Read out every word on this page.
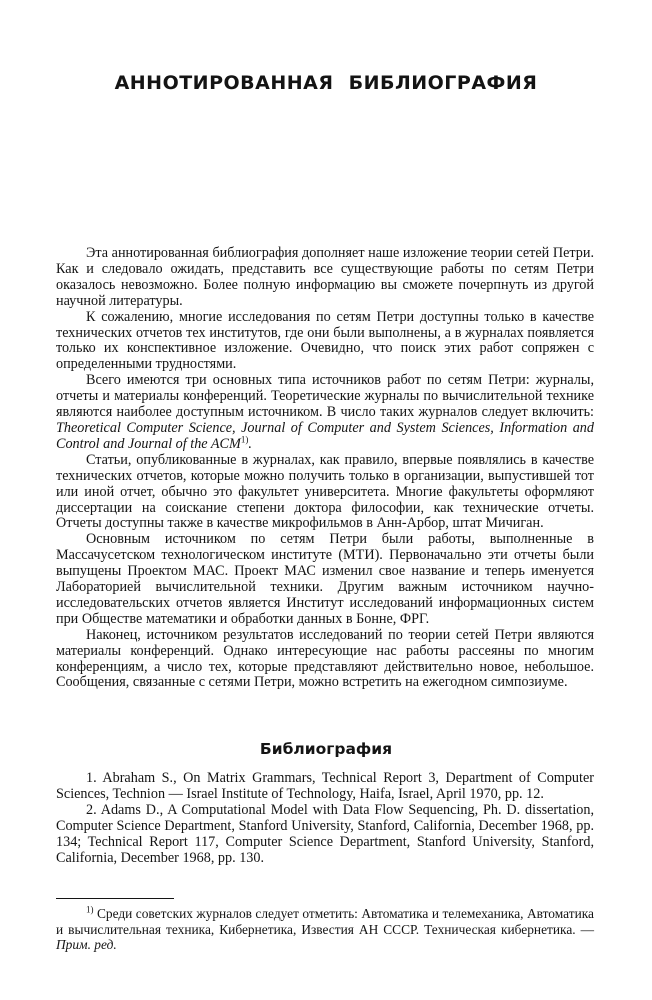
АННОТИРОВАННАЯ БИБЛИОГРАФИЯ

Эта аннотированная библиография дополняет наше изложение теории сетей Петри. Как и следовало ожидать, представить все существующие работы по сетям Петри оказалось невозможно. Более полную информацию вы сможете почерпнуть из другой научной литературы.

К сожалению, многие исследования по сетям Петри доступны только в качестве технических отчетов тех институтов, где они были выполнены, а в журналах появляется только их конспективное изложение. Очевидно, что поиск этих работ сопряжен с определенными трудностями.

Всего имеются три основных типа источников работ по сетям Петри: журналы, отчеты и материалы конференций. Теоретические журналы по вычислительной технике являются наиболее доступным источником. В число таких журналов следует включить: Theoretical Computer Science, Journal of Computer and System Sciences, Information and Control and Journal of the ACM$^{1)}$.

Статьи, опубликованные в журналах, как правило, впервые появлялись в качестве технических отчетов, которые можно получить только в организации, выпустившей тот или иной отчет, обычно это факультет университета. Многие факультеты оформляют диссертации на соискание степени доктора философии, как технические отчеты. Отчеты доступны также в качестве микрофильмов в Анн-Арбор, штат Мичиган.

Основным источником по сетям Петри были работы, выполненные в Массачусетском технологическом институте (МТИ). Первоначально эти отчеты были выпущены Проектом МАС. Проект МАС изменил свое название и теперь именуется Лабораторией вычислительной техники. Другим важным источником научно-исследовательских отчетов является Институт исследований информационных систем при Обществе математики и обработки данных в Бонне, ФРГ.

Наконец, источником результатов исследований по теории сетей Петри являются материалы конференций. Однако интересующие нас работы рассеяны по многим конференциям, а число тех, которые представляют действительно новое, небольшое. Сообщения, связанные с сетями Петри, можно встретить на ежегодном симпозиуме.

Библиография

1. Abraham S., On Matrix Grammars, Technical Report 3, Department of Computer Sciences, Technion — Israel Institute of Technology, Haifa, Israel, April 1970, pp. 12.

2. Adams D., A Computational Model with Data Flow Sequencing, Ph. D. dissertation, Computer Science Department, Stanford University, Stanford, California, December 1968, pp. 134; Technical Report 117, Computer Science Department, Stanford University, Stanford, California, December 1968, pp. 130.

$^{1)}$ Среди советских журналов следует отметить: Автоматика и телемеханика, Автоматика и вычислительная техника, Кибернетика, Известия АН СССР. Техническая кибернетика. — Прим. ред.
